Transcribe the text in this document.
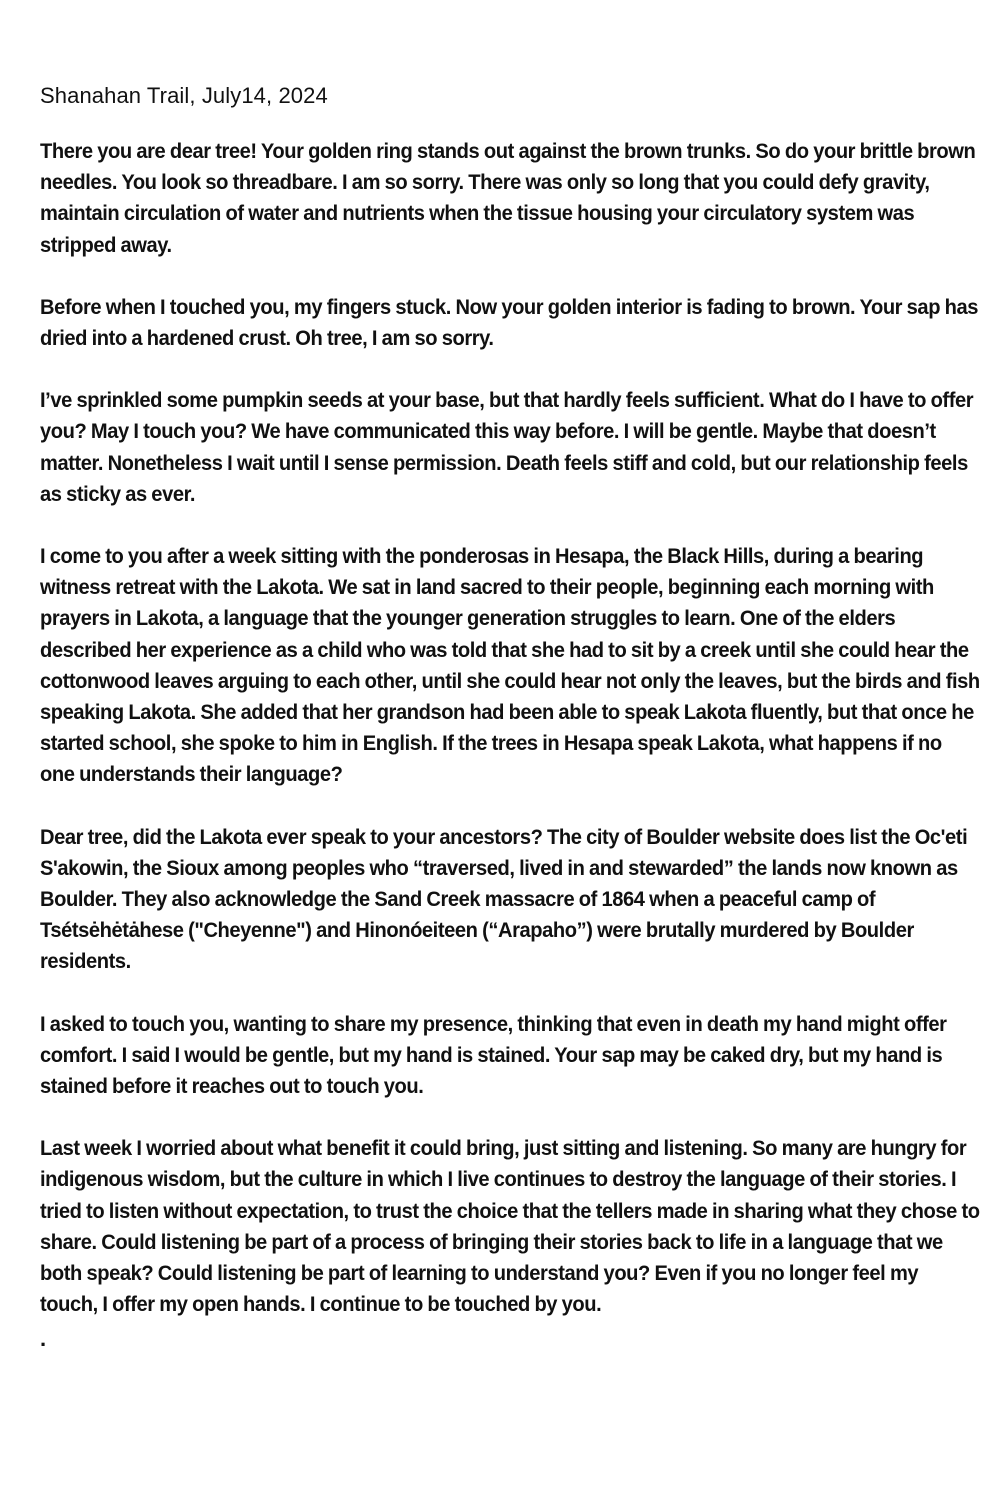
Shanahan Trail, July14, 2024
There you are dear tree! Your golden ring stands out against the brown trunks. So do your brittle brown needles. You look so threadbare. I am so sorry. There was only so long that you could defy gravity, maintain circulation of water and nutrients when the tissue housing your circulatory system was stripped away.
Before when I touched you, my fingers stuck. Now your golden interior is fading to brown. Your sap has dried into a hardened crust. Oh tree, I am so sorry.
I’ve sprinkled some pumpkin seeds at your base, but that hardly feels sufficient. What do I have to offer you? May I touch you? We have communicated this way before. I will be gentle. Maybe that doesn’t matter. Nonetheless I wait until I sense permission. Death feels stiff and cold, but our relationship feels as sticky as ever.
I come to you after a week sitting with the ponderosas in Hesapa, the Black Hills, during a bearing witness retreat with the Lakota. We sat in land sacred to their people, beginning each morning with prayers in Lakota, a language that the younger generation struggles to learn. One of the elders described her experience as a child who was told that she had to sit by a creek until she could hear the cottonwood leaves arguing to each other, until she could hear not only the leaves, but the birds and fish speaking Lakota. She added that her grandson had been able to speak Lakota fluently, but that once he started school, she spoke to him in English. If the trees in Hesapa speak Lakota, what happens if no one understands their language?
Dear tree, did the Lakota ever speak to your ancestors? The city of Boulder website does list the Oc'eti S'akowin, the Sioux among peoples who “traversed, lived in and stewarded” the lands now known as Boulder. They also acknowledge the Sand Creek massacre of 1864 when a peaceful camp of Tsétsėhėtȧhese ("Cheyenne") and Hinonóeiteen (“Arapaho”) were brutally murdered by Boulder residents.
I asked to touch you, wanting to share my presence, thinking that even in death my hand might offer comfort. I said I would be gentle, but my hand is stained. Your sap may be caked dry, but my hand is stained before it reaches out to touch you.
Last week I worried about what benefit it could bring, just sitting and listening. So many are hungry for indigenous wisdom, but the culture in which I live continues to destroy the language of their stories. I tried to listen without expectation, to trust the choice that the tellers made in sharing what they chose to share. Could listening be part of a process of bringing their stories back to life in a language that we both speak? Could listening be part of learning to understand you? Even if you no longer feel my touch, I offer my open hands. I continue to be touched by you.
.
